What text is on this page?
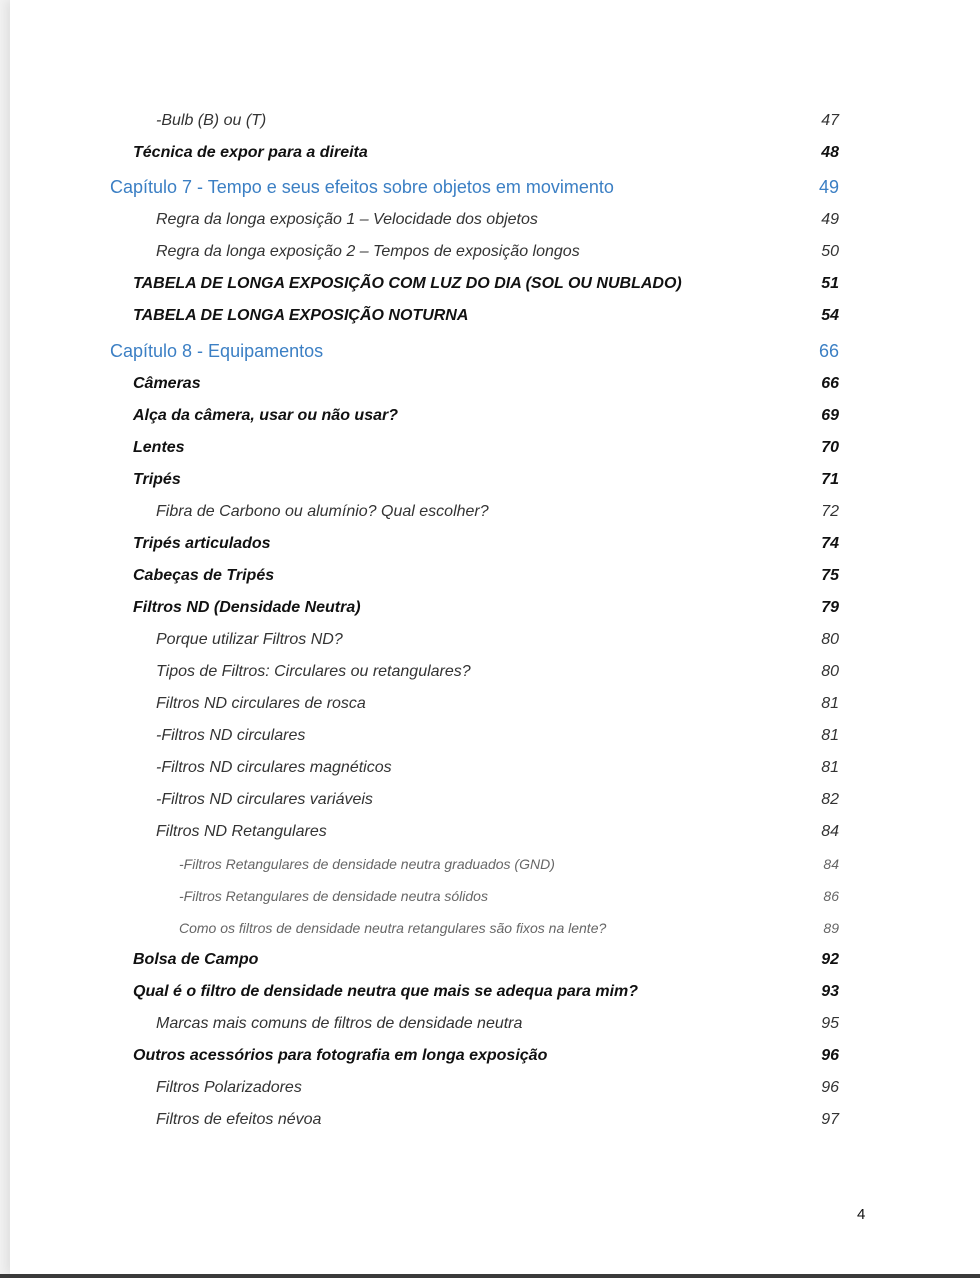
-Bulb (B) ou (T)	47
Técnica de expor para a direita	48
Capítulo 7 - Tempo e seus efeitos sobre objetos em movimento	49
Regra da longa exposição 1 – Velocidade dos objetos	49
Regra da longa exposição 2 – Tempos de exposição longos	50
TABELA DE LONGA EXPOSIÇÃO COM LUZ DO DIA (SOL OU NUBLADO)	51
TABELA DE LONGA EXPOSIÇÃO NOTURNA	54
Capítulo 8 - Equipamentos	66
Câmeras	66
Alça da câmera, usar ou não usar?	69
Lentes	70
Tripés	71
Fibra de Carbono ou alumínio? Qual escolher?	72
Tripés articulados	74
Cabeças de Tripés	75
Filtros ND (Densidade Neutra)	79
Porque utilizar Filtros ND?	80
Tipos de Filtros: Circulares ou retangulares?	80
Filtros ND circulares de rosca	81
-Filtros ND circulares	81
-Filtros ND circulares magnéticos	81
-Filtros ND circulares variáveis	82
Filtros ND Retangulares	84
-Filtros Retangulares de densidade neutra graduados (GND)	84
-Filtros Retangulares de densidade neutra sólidos	86
Como os filtros de densidade neutra retangulares são fixos na lente?	89
Bolsa de Campo	92
Qual é o filtro de densidade neutra que mais se adequa para mim?	93
Marcas mais comuns de filtros de densidade neutra	95
Outros acessórios para fotografia em longa exposição	96
Filtros Polarizadores	96
Filtros de efeitos névoa	97
4
